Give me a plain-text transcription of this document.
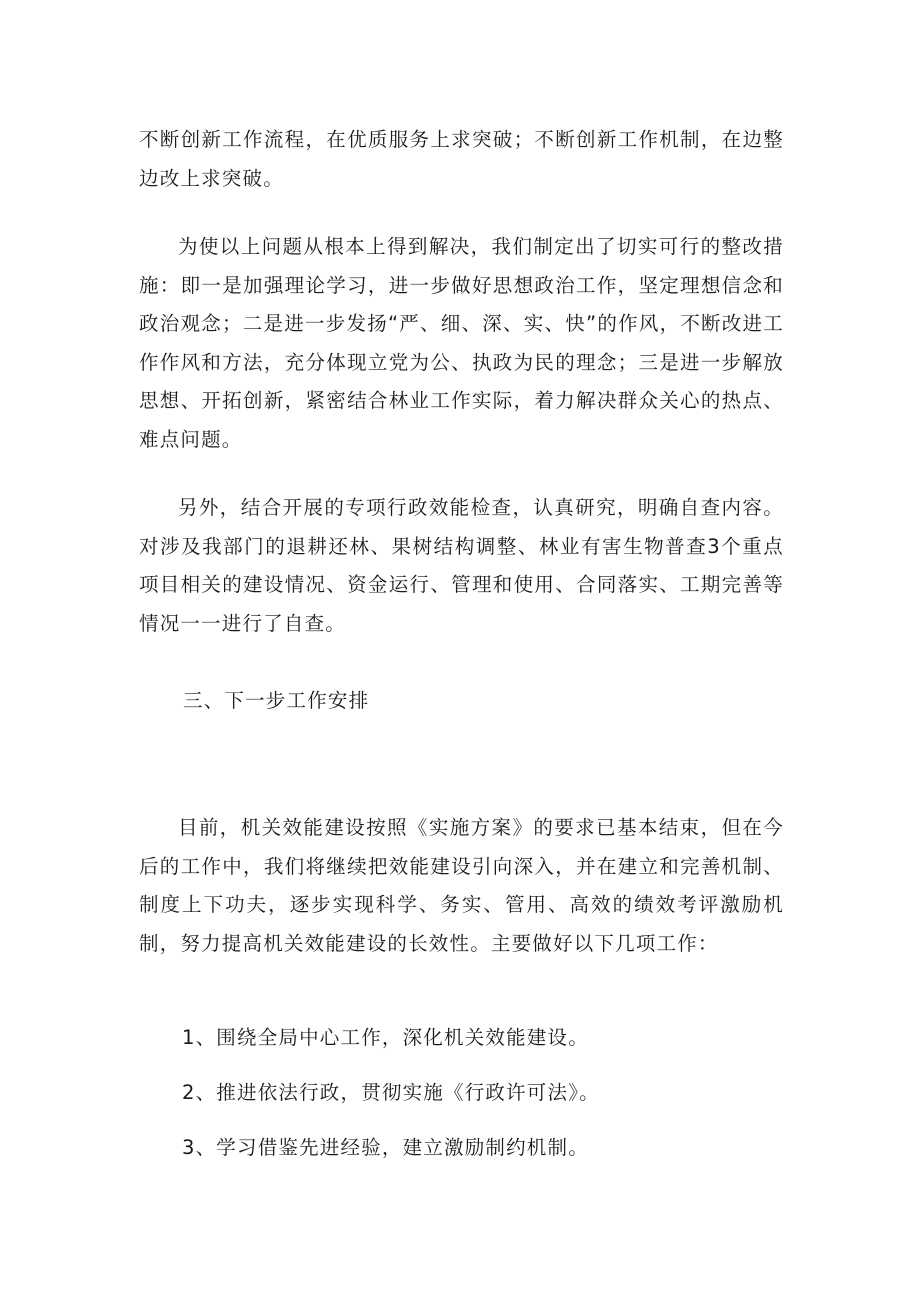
不断创新工作流程，在优质服务上求突破；不断创新工作机制，在边整边改上求突破。

为使以上问题从根本上得到解决，我们制定出了切实可行的整改措施：即一是加强理论学习，进一步做好思想政治工作，坚定理想信念和政治观念；二是进一步发扬“严、细、深、实、快”的作风，不断改进工作作风和方法，充分体现立党为公、执政为民的理念；三是进一步解放思想、开拓创新，紧密结合林业工作实际，着力解决群众关心的热点、难点问题。

另外，结合开展的专项行政效能检查，认真研究，明确自查内容。对涉及我部门的退耕还林、果树结构调整、林业有害生物普查3个重点项目相关的建设情况、资金运行、管理和使用、合同落实、工期完善等情况一一进行了自查。

三、下一步工作安排

目前，机关效能建设按照《实施方案》的要求已基本结束，但在今后的工作中，我们将继续把效能建设引向深入，并在建立和完善机制、制度上下功夫，逐步实现科学、务实、管用、高效的绩效考评激励机制，努力提高机关效能建设的长效性。主要做好以下几项工作：

1、围绕全局中心工作，深化机关效能建设。

2、推进依法行政，贯彻实施《行政许可法》。

3、学习借鉴先进经验，建立激励制约机制。
